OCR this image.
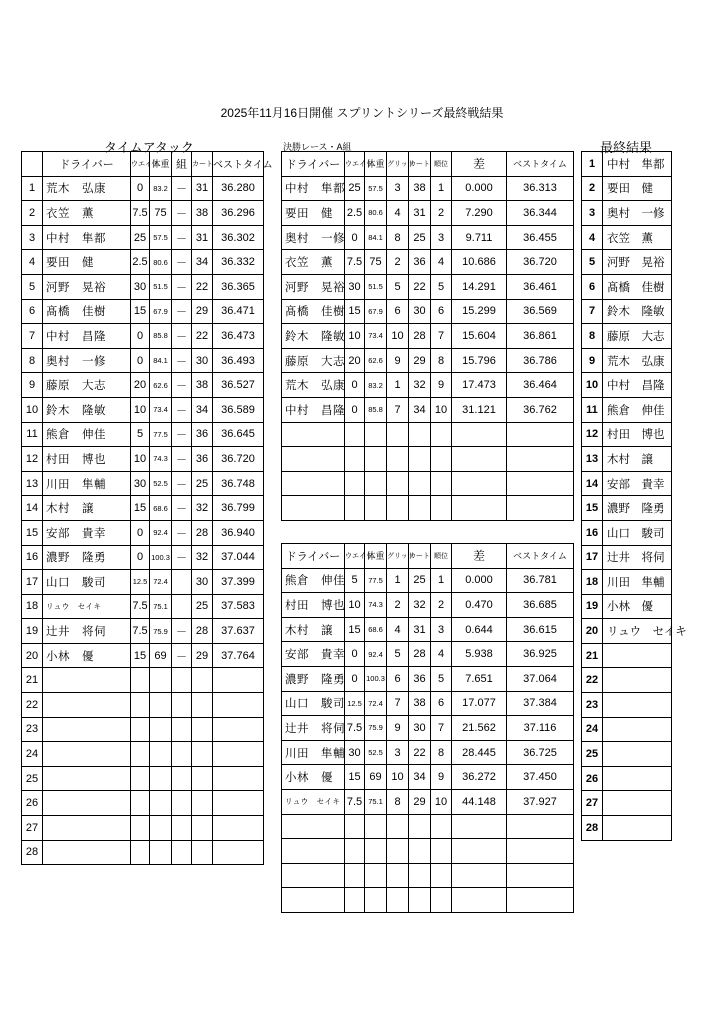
2025年11月16日開催 スプリントシリーズ最終戦結果
タイムアタック	決勝レース・A組	最終結果
	ドライバー	ウエイト	体重	組	カート	ベストタイム
1	荒木　弘康	0	83.2	－	31	36.280
2	衣笠　薫	7.5	75	－	38	36.296
3	中村　隼都	25	57.5	－	31	36.302
4	要田　健	2.5	80.6	－	34	36.332
5	河野　晃裕	30	51.5	－	22	36.365
6	髙橋　佳樹	15	67.9	－	29	36.471
7	中村　昌隆	0	85.8	－	22	36.473
8	奥村　一修	0	84.1	－	30	36.493
9	藤原　大志	20	62.6	－	38	36.527
10	鈴木　隆敏	10	73.4	－	34	36.589
11	熊倉　伸佳	5	77.5	－	36	36.645
12	村田　博也	10	74.3	－	36	36.720
13	川田　隼輔	30	52.5	－	25	36.748
14	木村　譲	15	68.6	－	32	36.799
15	安部　貴幸	0	92.4	－	28	36.940
16	濃野　隆勇	0	100.3	－	32	37.044
17	山口　駿司	12.5	72.4		30	37.399
18	リュウ　セイキ	7.5	75.1		25	37.583
19	辻井　将伺	7.5	75.9	－	28	37.637
20	小林　優	15	69	－	29	37.764
21						
22						
23						
24						
25						
26						
27						
28						
ドライバー	ウエイト	体重	グリッド	カート	順位	差	ベストタイム
中村　隼都	25	57.5	3	38	1	0.000	36.313
要田　健	2.5	80.6	4	31	2	7.290	36.344
奥村　一修	0	84.1	8	25	3	9.711	36.455
衣笠　薫	7.5	75	2	36	4	10.686	36.720
河野　晃裕	30	51.5	5	22	5	14.291	36.461
髙橋　佳樹	15	67.9	6	30	6	15.299	36.569
鈴木　隆敏	10	73.4	10	28	7	15.604	36.861
藤原　大志	20	62.6	9	29	8	15.796	36.786
荒木　弘康	0	83.2	1	32	9	17.473	36.464
中村　昌隆	0	85.8	7	34	10	31.121	36.762

ドライバー	ウエイト	体重	グリッド	カート	順位	差	ベストタイム
熊倉　伸佳	5	77.5	1	25	1	0.000	36.781
村田　博也	10	74.3	2	32	2	0.470	36.685
木村　譲	15	68.6	4	31	3	0.644	36.615
安部　貴幸	0	92.4	5	28	4	5.938	36.925
濃野　隆勇	0	100.3	6	36	5	7.651	37.064
山口　駿司	12.5	72.4	7	38	6	17.077	37.384
辻井　将伺	7.5	75.9	9	30	7	21.562	37.116
川田　隼輔	30	52.5	3	22	8	28.445	36.725
小林　優	15	69	10	34	9	36.272	37.450
リュウ　セイキ	7.5	75.1	8	29	10	44.148	37.927

1	中村　隼都
2	要田　健
3	奥村　一修
4	衣笠　薫
5	河野　晃裕
6	髙橋　佳樹
7	鈴木　隆敏
8	藤原　大志
9	荒木　弘康
10	中村　昌隆
11	熊倉　伸佳
12	村田　博也
13	木村　譲
14	安部　貴幸
15	濃野　隆勇
16	山口　駿司
17	辻井　将伺
18	川田　隼輔
19	小林　優
20	リュウ　セイキ
21	
22	
23	
24	
25	
26	
27	
28	
